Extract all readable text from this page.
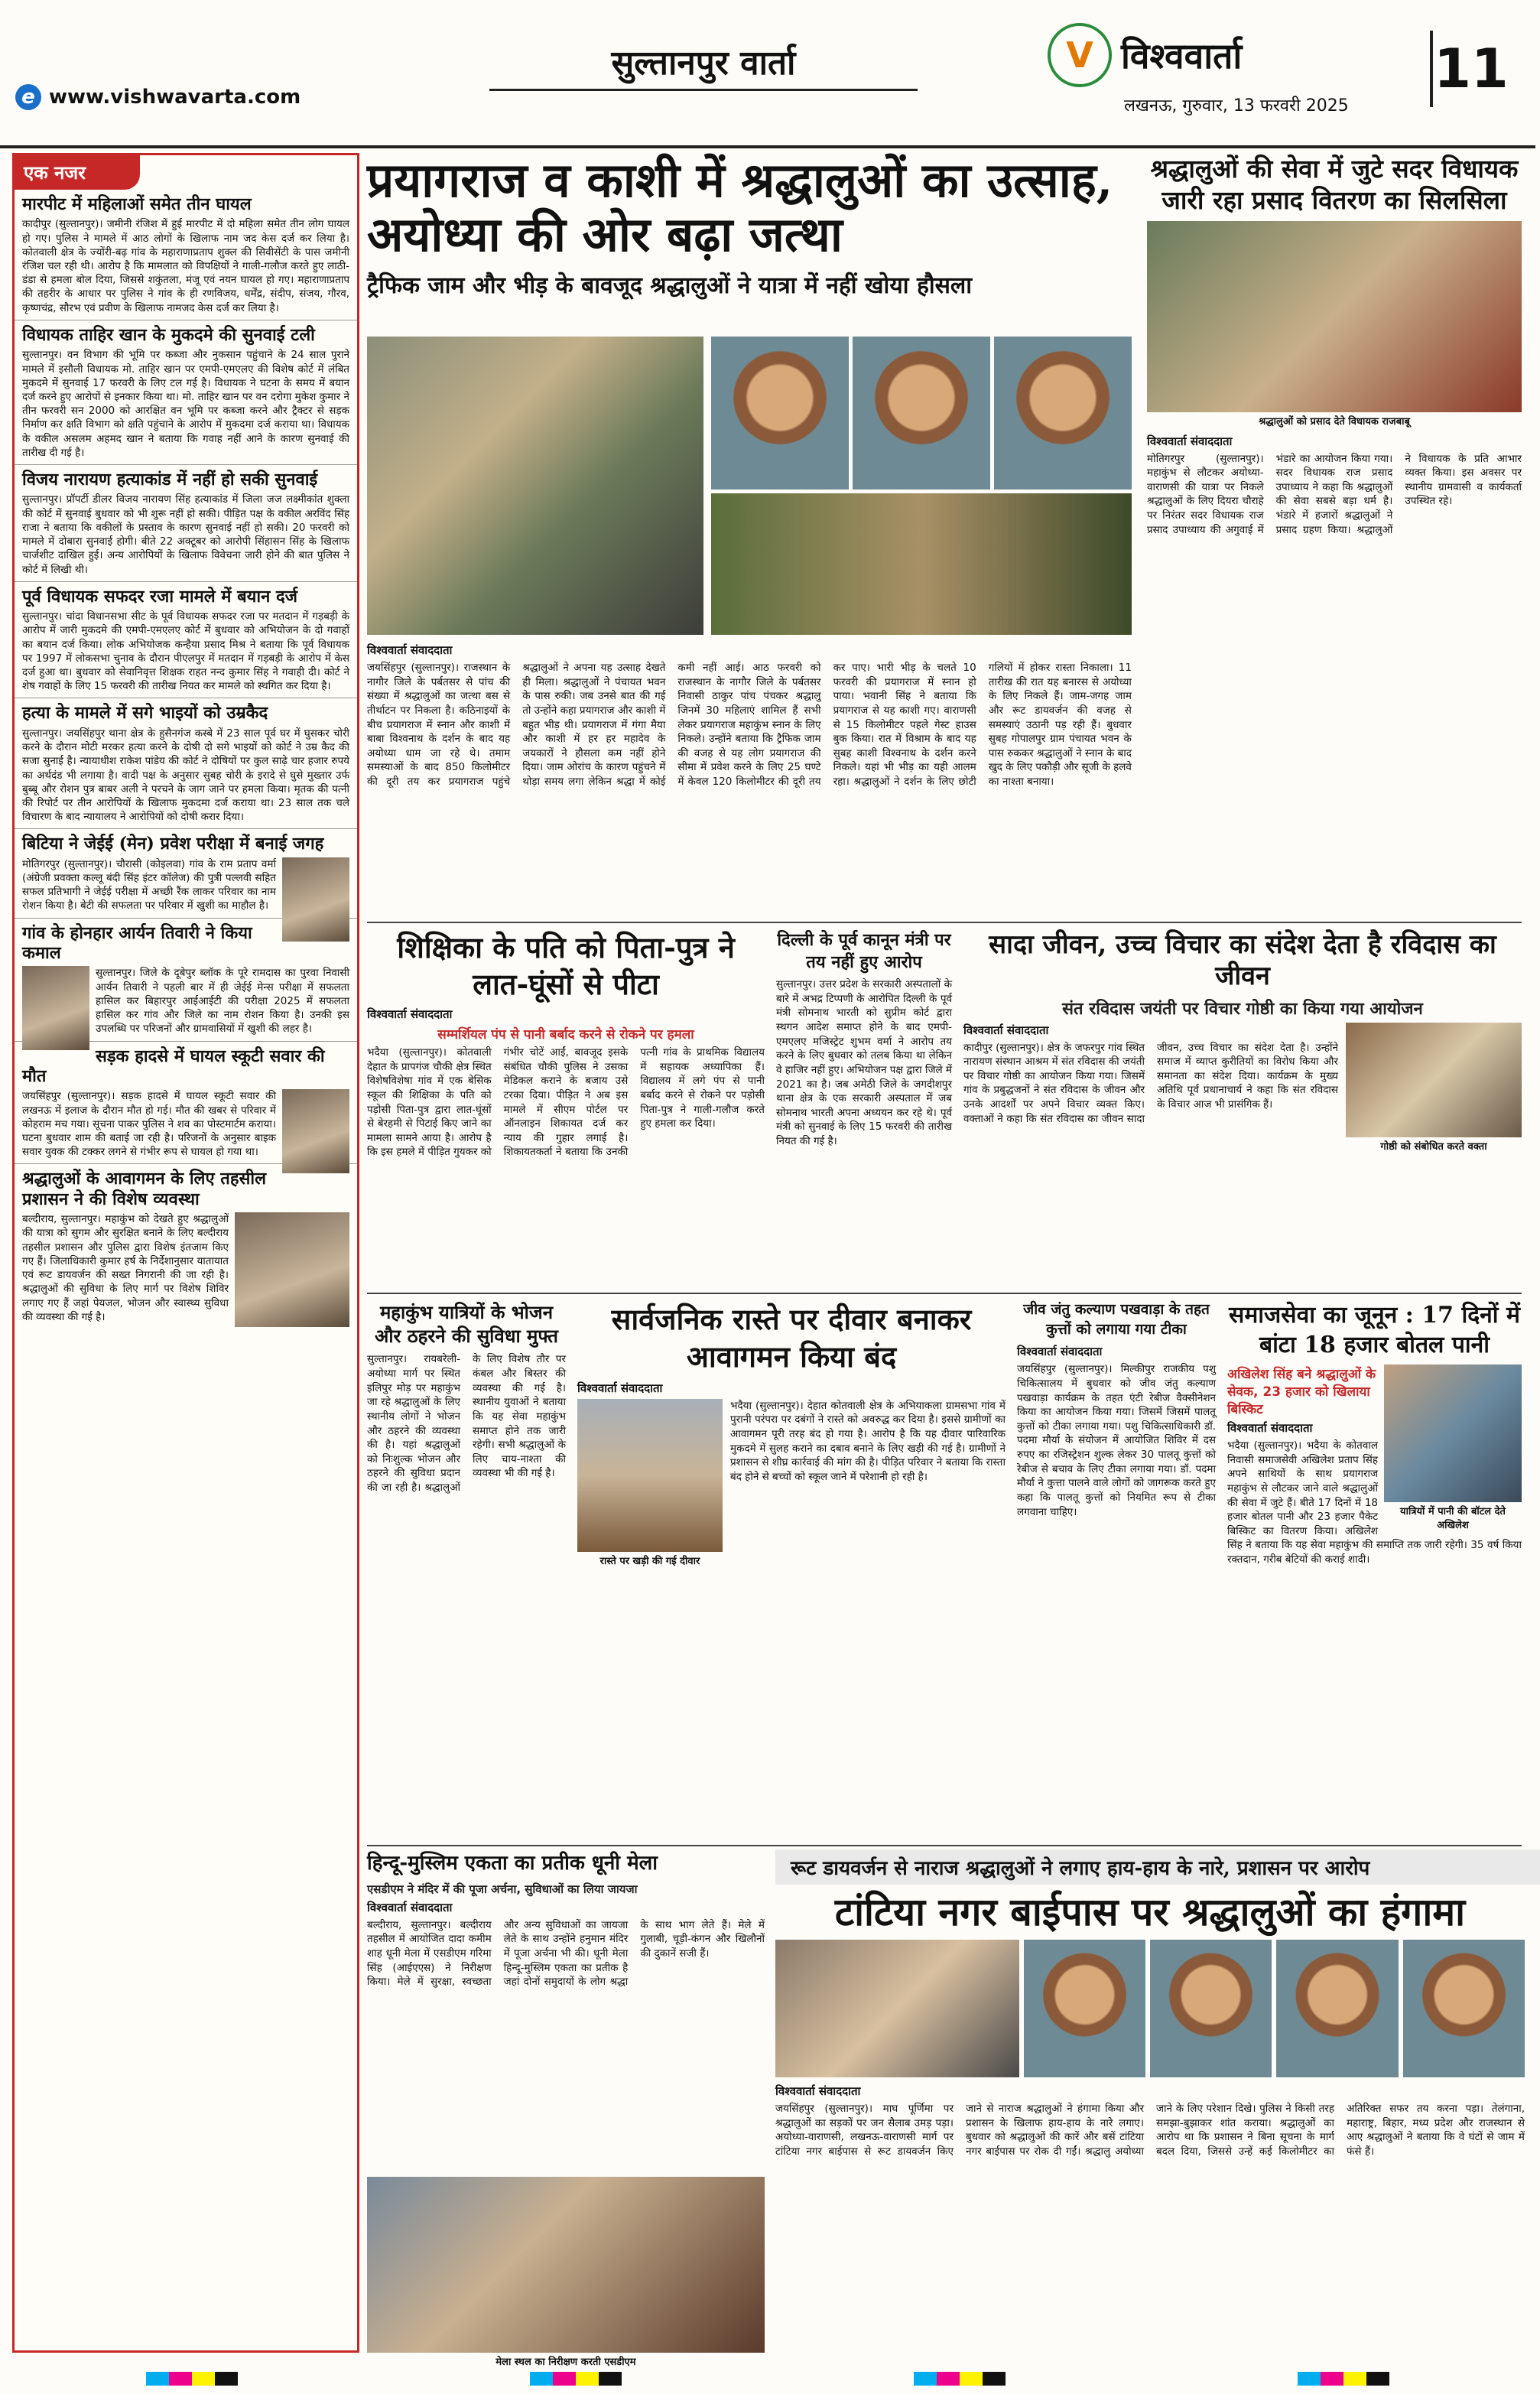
e www.vishwavarta.com
सुल्तानपुर वार्ता	V विश्ववार्ता
लखनऊ, गुरुवार, 13 फरवरी 2025
11
एक नजर
मारपीट में महिलाओं समेत तीन घायल

कादीपुर (सुल्तानपुर)। जमीनी रंजिश में हुई मारपीट में दो महिला समेत तीन लोग घायल हो गए। पुलिस ने मामले में आठ लोगों के खिलाफ नाम जद केस दर्ज कर लिया है। कोतवाली क्षेत्र के ज्योंरी-बढ़ गांव के महाराणाप्रताप शुक्ल की सिवीसेंटी के पास जमीनी रंजिश चल रही थी। आरोप है कि मामलात को विपक्षियों ने गाली-गलौज करते हुए लाठी-डंडा से हमला बोल दिया, जिससे शकुंतला, मंजू एवं नयन घायल हो गए। महाराणाप्रताप की तहरीर के आधार पर पुलिस ने गांव के ही रणविजय, धर्मेंद्र, संदीप, संजय, गौरव, कृष्णचंद्र, सौरभ एवं प्रवीण के खिलाफ नामजद केस दर्ज कर लिया है।

विधायक ताहिर खान के मुकदमे की सुनवाई टली

सुल्तानपुर। वन विभाग की भूमि पर कब्जा और नुकसान पहुंचाने के 24 साल पुराने मामले में इसौली विधायक मो. ताहिर खान पर एमपी-एमएलए की विशेष कोर्ट में लंबित मुकदमे में सुनवाई 17 फरवरी के लिए टल गई है। विधायक ने घटना के समय में बयान दर्ज करने हुए आरोपों से इनकार किया था। मो. ताहिर खान पर वन दरोगा मुकेश कुमार ने तीन फरवरी सन 2000 को आरक्षित वन भूमि पर कब्जा करने और ट्रैक्टर से सड़क निर्माण कर क्षति विभाग को क्षति पहुंचाने के आरोप में मुकदमा दर्ज कराया था। विधायक के वकील असलम अहमद खान ने बताया कि गवाह नहीं आने के कारण सुनवाई की तारीख दी गई है।

विजय नारायण हत्याकांड में नहीं हो सकी सुनवाई

सुल्तानपुर। प्रॉपर्टी डीलर विजय नारायण सिंह हत्याकांड में जिला जज लक्ष्मीकांत शुक्ला की कोर्ट में सुनवाई बुधवार को भी शुरू नहीं हो सकी। पीड़ित पक्ष के वकील अरविंद सिंह राजा ने बताया कि वकीलों के प्रस्ताव के कारण सुनवाई नहीं हो सकी। 20 फरवरी को मामले में दोबारा सुनवाई होगी। बीते 22 अक्टूबर को आरोपी सिंहासन सिंह के खिलाफ चार्जशीट दाखिल हुई। अन्य आरोपियों के खिलाफ विवेचना जारी होने की बात पुलिस ने कोर्ट में लिखी थी।

पूर्व विधायक सफदर रजा मामले में बयान दर्ज

सुल्तानपुर। चांदा विधानसभा सीट के पूर्व विधायक सफदर रजा पर मतदान में गड़बड़ी के आरोप में जारी मुकदमे की एमपी-एमएलए कोर्ट में बुधवार को अभियोजन के दो गवाहों का बयान दर्ज किया। लोक अभियोजक कन्हैया प्रसाद मिश्र ने बताया कि पूर्व विधायक पर 1997 में लोकसभा चुनाव के दौरान पीएलपुर में मतदान में गड़बड़ी के आरोप में केस दर्ज हुआ था। बुधवार को सेवानिवृत्त शिक्षक राहत नन्द कुमार सिंह ने गवाही दी। कोर्ट ने शेष गवाहों के लिए 15 फरवरी की तारीख नियत कर मामले को स्थगित कर दिया है।

हत्या के मामले में सगे भाइयों को उम्रकैद

सुल्तानपुर। जयसिंहपुर थाना क्षेत्र के हुसैनगंज कस्बे में 23 साल पूर्व घर में घुसकर चोरी करने के दौरान मोटी मरकर हत्या करने के दोषी दो सगे भाइयों को कोर्ट ने उम्र कैद की सजा सुनाई है। न्यायाधीश राकेश पांडेय की कोर्ट ने दोषियों पर कुल साढ़े चार हजार रुपये का अर्थदंड भी लगाया है। वादी पक्ष के अनुसार सुबह चोरी के इरादे से घुसे मुख्तार उर्फ बुब्बू और रोशन पुत्र बाबर अली ने परचने के जाग जाने पर हमला किया। मृतक की पत्नी की रिपोर्ट पर तीन आरोपियों के खिलाफ मुकदमा दर्ज कराया था। 23 साल तक चले विचारण के बाद न्यायालय ने आरोपियों को दोषी करार दिया।

बिटिया ने जेईई (मेन) प्रवेश परीक्षा में बनाई जगह

मोतिगरपुर (सुल्तानपुर)। चौरासी (कोइलवा) गांव के राम प्रताप वर्मा (अंग्रेजी प्रवक्ता कल्लू बंदी सिंह इंटर कॉलेज) की पुत्री पल्लवी सहित सफल प्रतिभागी ने जेईई परीक्षा में अच्छी रैंक लाकर परिवार का नाम रोशन किया है। बेटी की सफलता पर परिवार में खुशी का माहौल है।

गांव के होनहार आर्यन तिवारी ने किया कमाल

सुल्तानपुर। जिले के दूबेपुर ब्लॉक के पूरे रामदास का पुरवा निवासी आर्यन तिवारी ने पहली बार में ही जेईई मेन्स परीक्षा में सफलता हासिल कर बिहारपुर आईआईटी की परीक्षा 2025 में सफलता हासिल कर गांव और जिले का नाम रोशन किया है। उनकी इस उपलब्धि पर परिजनों और ग्रामवासियों में खुशी की लहर है।

सड़क हादसे में घायल स्कूटी सवार की मौत

जयसिंहपुर (सुल्तानपुर)। सड़क हादसे में घायल स्कूटी सवार की लखनऊ में इलाज के दौरान मौत हो गई। मौत की खबर से परिवार में कोहराम मच गया। सूचना पाकर पुलिस ने शव का पोस्टमार्टम कराया। घटना बुधवार शाम की बताई जा रही है। परिजनों के अनुसार बाइक सवार युवक की टक्कर लगने से गंभीर रूप से घायल हो गया था।

श्रद्धालुओं के आवागमन के लिए तहसील प्रशासन ने की विशेष व्यवस्था

बल्दीराय, सुल्तानपुर। महाकुंभ को देखते हुए श्रद्धालुओं की यात्रा को सुगम और सुरक्षित बनाने के लिए बल्दीराय तहसील प्रशासन और पुलिस द्वारा विशेष इंतजाम किए गए हैं। जिलाधिकारी कुमार हर्ष के निर्देशानुसार यातायात एवं रूट डायवर्जन की सख्त निगरानी की जा रही है। श्रद्धालुओं की सुविधा के लिए मार्ग पर विशेष शिविर लगाए गए हैं जहां पेयजल, भोजन और स्वास्थ्य सुविधा की व्यवस्था की गई है।

प्रयागराज व काशी में श्रद्धालुओं का उत्साह, अयोध्या की ओर बढ़ा जत्था
ट्रैफिक जाम और भीड़ के बावजूद श्रद्धालुओं ने यात्रा में नहीं खोया हौसला
विश्ववार्ता संवाददाता
जयसिंहपुर (सुल्तानपुर)। राजस्थान के नागौर जिले के पर्बतसर से पांच की संख्या में श्रद्धालुओं का जत्था बस से तीर्थाटन पर निकला है। कठिनाइयों के बीच प्रयागराज में स्नान और काशी में बाबा विश्वनाथ के दर्शन के बाद यह अयोध्या धाम जा रहे थे। तमाम समस्याओं के बाद 850 किलोमीटर की दूरी तय कर प्रयागराज पहुंचे श्रद्धालुओं ने अपना यह उत्साह देखते ही मिला। श्रद्धालुओं ने पंचायत भवन के पास रुकी। जब उनसे बात की गई तो उन्होंने कहा प्रयागराज और काशी में बहुत भीड़ थी। प्रयागराज में गंगा मैया और काशी में हर हर महादेव के जयकारों ने हौसला कम नहीं होने दिया। जाम ओरांच के कारण पहुंचने में थोड़ा समय लगा लेकिन श्रद्धा में कोई कमी नहीं आई। आठ फरवरी को राजस्थान के नागौर जिले के पर्बतसर निवासी ठाकुर पांच पंचकर श्रद्धालु जिनमें 30 महिलाएं शामिल हैं सभी लेकर प्रयागराज महाकुंभ स्नान के लिए निकले। उन्होंने बताया कि ट्रैफिक जाम की वजह से यह लोग प्रयागराज की सीमा में प्रवेश करने के लिए 25 घण्टे में केवल 120 किलोमीटर की दूरी तय कर पाए। भारी भीड़ के चलते 10 फरवरी की प्रयागराज में स्नान हो पाया। भवानी सिंह ने बताया कि प्रयागराज से यह काशी गए। वाराणसी से 15 किलोमीटर पहले गेस्ट हाउस बुक किया। रात में विश्राम के बाद यह सुबह काशी विश्वनाथ के दर्शन करने निकले। यहां भी भीड़ का यही आलम रहा। श्रद्धालुओं ने दर्शन के लिए छोटी गलियों में होकर रास्ता निकाला। 11 तारीख की रात यह बनारस से अयोध्या के लिए निकले हैं। जाम-जगह जाम और रूट डायवर्जन की वजह से समस्याएं उठानी पड़ रही हैं। बुधवार सुबह गोपालपुर ग्राम पंचायत भवन के पास रुककर श्रद्धालुओं ने स्नान के बाद खुद के लिए पकौड़ी और सूजी के हलवे का नाश्ता बनाया।
श्रद्धालुओं की सेवा में जुटे सदर विधायक जारी रहा प्रसाद वितरण का सिलसिला
श्रद्धालुओं को प्रसाद देते विधायक राजबाबू
विश्ववार्ता संवाददाता
मोतिगरपुर (सुल्तानपुर)। महाकुंभ से लौटकर अयोध्या-वाराणसी की यात्रा पर निकले श्रद्धालुओं के लिए दियरा चौराहे पर निरंतर सदर विधायक राज प्रसाद उपाध्याय की अगुवाई में भंडारे का आयोजन किया गया। सदर विधायक राज प्रसाद उपाध्याय ने कहा कि श्रद्धालुओं की सेवा सबसे बड़ा धर्म है। भंडारे में हजारों श्रद्धालुओं ने प्रसाद ग्रहण किया। श्रद्धालुओं ने विधायक के प्रति आभार व्यक्त किया। इस अवसर पर स्थानीय ग्रामवासी व कार्यकर्ता उपस्थित रहे।
शिक्षिका के पति को पिता-पुत्र ने लात-घूंसों से पीटा
विश्ववार्ता संवाददाता
सम्मर्शियल पंप से पानी बर्बाद करने से रोकने पर हमला
भदैया (सुल्तानपुर)। कोतवाली देहात के प्रापगंज चौकी क्षेत्र स्थित विशेषविशेषा गांव में एक बेसिक स्कूल की शिक्षिका के पति को पड़ोसी पिता-पुत्र द्वारा लात-घूंसों से बेरहमी से पिटाई किए जाने का मामला सामने आया है। आरोप है कि इस हमले में पीड़ित गुयकर को गंभीर चोटें आईं, बावजूद इसके संबंधित चौकी पुलिस ने उसका मेडिकल कराने के बजाय उसे टरका दिया। पीड़ित ने अब इस मामले में सीएम पोर्टल पर ऑनलाइन शिकायत दर्ज कर न्याय की गुहार लगाई है। शिकायतकर्ता ने बताया कि उनकी पत्नी गांव के प्राथमिक विद्यालय में सहायक अध्यापिका हैं। विद्यालय में लगे पंप से पानी बर्बाद करने से रोकने पर पड़ोसी पिता-पुत्र ने गाली-गलौज करते हुए हमला कर दिया।
दिल्ली के पूर्व कानून मंत्री पर तय नहीं हुए आरोप
सुल्तानपुर। उत्तर प्रदेश के सरकारी अस्पतालों के बारे में अभद्र टिप्पणी के आरोपित दिल्ली के पूर्व मंत्री सोमनाथ भारती को सुप्रीम कोर्ट द्वारा स्थगन आदेश समाप्त होने के बाद एमपी-एमएलए मजिस्ट्रेट शुभम वर्मा ने आरोप तय करने के लिए बुधवार को तलब किया था लेकिन वे हाजिर नहीं हुए। अभियोजन पक्ष द्वारा जिले में 2021 का है। जब अमेठी जिले के जगदीशपुर थाना क्षेत्र के एक सरकारी अस्पताल में जब सोमनाथ भारती अपना अध्ययन कर रहे थे। पूर्व मंत्री को सुनवाई के लिए 15 फरवरी की तारीख नियत की गई है।
सादा जीवन, उच्च विचार का संदेश देता है रविदास का जीवन
संत रविदास जयंती पर विचार गोष्ठी का किया गया आयोजन
गोष्ठी को संबोधित करते वक्ता
विश्ववार्ता संवाददाता
कादीपुर (सुल्तानपुर)। क्षेत्र के जफरपुर गांव स्थित नारायण संस्थान आश्रम में संत रविदास की जयंती पर विचार गोष्ठी का आयोजन किया गया। जिसमें गांव के प्रबुद्धजनों ने संत रविदास के जीवन और उनके आदर्शों पर अपने विचार व्यक्त किए। वक्ताओं ने कहा कि संत रविदास का जीवन सादा जीवन, उच्च विचार का संदेश देता है। उन्होंने समाज में व्याप्त कुरीतियों का विरोध किया और समानता का संदेश दिया। कार्यक्रम के मुख्य अतिथि पूर्व प्रधानाचार्य ने कहा कि संत रविदास के विचार आज भी प्रासंगिक हैं।
महाकुंभ यात्रियों के भोजन और ठहरने की सुविधा मुफ्त
सुल्तानपुर। रायबरेली-अयोध्या मार्ग पर स्थित इलिपुर मोड़ पर महाकुंभ जा रहे श्रद्धालुओं के लिए स्थानीय लोगों ने भोजन और ठहरने की व्यवस्था की है। यहां श्रद्धालुओं को निःशुल्क भोजन और ठहरने की सुविधा प्रदान की जा रही है। श्रद्धालुओं के लिए विशेष तौर पर कंबल और बिस्तर की व्यवस्था की गई है। स्थानीय युवाओं ने बताया कि यह सेवा महाकुंभ समाप्त होने तक जारी रहेगी। सभी श्रद्धालुओं के लिए चाय-नाश्ता की व्यवस्था भी की गई है।
सार्वजनिक रास्ते पर दीवार बनाकर आवागमन किया बंद
विश्ववार्ता संवाददाता
रास्ते पर खड़ी की गई दीवार
भदैया (सुल्तानपुर)। देहात कोतवाली क्षेत्र के अभियाकला ग्रामसभा गांव में पुरानी परंपरा पर दबंगों ने रास्ते को अवरुद्ध कर दिया है। इससे ग्रामीणों का आवागमन पूरी तरह बंद हो गया है। आरोप है कि यह दीवार पारिवारिक मुकदमे में सुलह कराने का दबाव बनाने के लिए खड़ी की गई है। ग्रामीणों ने प्रशासन से शीघ्र कार्रवाई की मांग की है। पीड़ित परिवार ने बताया कि रास्ता बंद होने से बच्चों को स्कूल जाने में परेशानी हो रही है।
जीव जंतु कल्याण पखवाड़ा के तहत कुत्तों को लगाया गया टीका
विश्ववार्ता संवाददाता
जयसिंहपुर (सुल्तानपुर)। मिल्कीपुर राजकीय पशु चिकित्सालय में बुधवार को जीव जंतु कल्याण पखवाड़ा कार्यक्रम के तहत एंटी रेबीज वैक्सीनेशन किया का आयोजन किया गया। जिसमें जिसमें पालतू कुत्तों को टीका लगाया गया। पशु चिकित्साधिकारी डॉ. पदमा मौर्या के संयोजन में आयोजित शिविर में दस रुपए का रजिस्ट्रेशन शुल्क लेकर 30 पालतू कुत्तों को रेबीज से बचाव के लिए टीका लगाया गया। डॉ. पदमा मौर्या ने कुत्ता पालने वाले लोगों को जागरूक करते हुए कहा कि पालतू कुत्तों को नियमित रूप से टीका लगवाना चाहिए।
समाजसेवा का जूनून : 17 दिनों में बांटा 18 हजार बोतल पानी
यात्रियों में पानी की बॉटल देते अखिलेश
अखिलेश सिंह बने श्रद्धालुओं के सेवक, 23 हजार को खिलाया बिस्किट
विश्ववार्ता संवाददाता
भदैया (सुल्तानपुर)। भदैया के कोतवाल निवासी समाजसेवी अखिलेश प्रताप सिंह अपने साथियों के साथ प्रयागराज महाकुंभ से लौटकर जाने वाले श्रद्धालुओं की सेवा में जुटे हैं। बीते 17 दिनों में 18 हजार बोतल पानी और 23 हजार पैकेट बिस्किट का वितरण किया। अखिलेश सिंह ने बताया कि यह सेवा महाकुंभ की समाप्ति तक जारी रहेगी। 35 वर्ष किया रक्तदान, गरीब बेटियों की कराई शादी।
हिन्दू-मुस्लिम एकता का प्रतीक धूनी मेला
एसडीएम ने मंदिर में की पूजा अर्चना, सुविधाओं का लिया जायजा
विश्ववार्ता संवाददाता
बल्दीराय, सुल्तानपुर। बल्दीराय तहसील में आयोजित दादा कमीम शाह धूनी मेला में एसडीएम गरिमा सिंह (आईएएस) ने निरीक्षण किया। मेले में सुरक्षा, स्वच्छता और अन्य सुविधाओं का जायजा लेते के साथ उन्होंने हनुमान मंदिर में पूजा अर्चना भी की। धूनी मेला हिन्दू-मुस्लिम एकता का प्रतीक है जहां दोनों समुदायों के लोग श्रद्धा के साथ भाग लेते हैं। मेले में गुलाबी, चूड़ी-कंगन और खिलौनों की दुकानें सजी हैं।
मेला स्थल का निरीक्षण करती एसडीएम
रूट डायवर्जन से नाराज श्रद्धालुओं ने लगाए हाय-हाय के नारे, प्रशासन पर आरोप
टांटिया नगर बाईपास पर श्रद्धालुओं का हंगामा
विश्ववार्ता संवाददाता
जयसिंहपुर (सुल्तानपुर)। माघ पूर्णिमा पर श्रद्धालुओं का सड़कों पर जन सैलाब उमड़ पड़ा। अयोध्या-वाराणसी, लखनऊ-वाराणसी मार्ग पर टांटिया नगर बाईपास से रूट डायवर्जन किए जाने से नाराज श्रद्धालुओं ने हंगामा किया और प्रशासन के खिलाफ हाय-हाय के नारे लगाए। बुधवार को श्रद्धालुओं की कारें और बसें टांटिया नगर बाईपास पर रोक दी गईं। श्रद्धालु अयोध्या जाने के लिए परेशान दिखे। पुलिस ने किसी तरह समझा-बुझाकर शांत कराया। श्रद्धालुओं का आरोप था कि प्रशासन ने बिना सूचना के मार्ग बदल दिया, जिससे उन्हें कई किलोमीटर का अतिरिक्त सफर तय करना पड़ा। तेलंगाना, महाराष्ट्र, बिहार, मध्य प्रदेश और राजस्थान से आए श्रद्धालुओं ने बताया कि वे घंटों से जाम में फंसे हैं।
